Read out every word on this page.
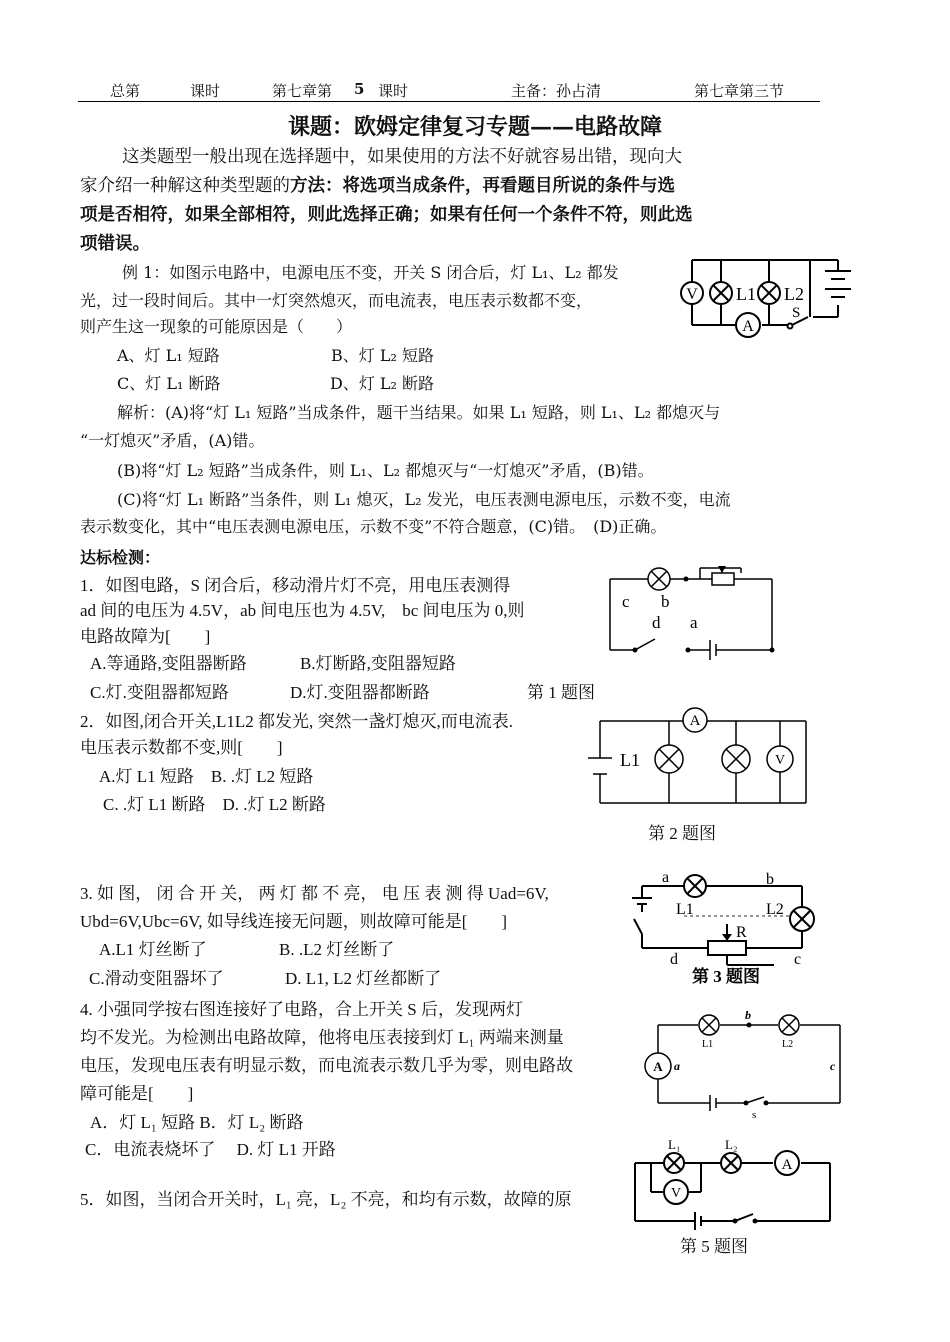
总第	课时	第七章第 5 课时	主备：孙占清	第七章第三节
课题：欧姆定律复习专题——电路故障
这类题型一般出现在选择题中，如果使用的方法不好就容易出错，现向大
家介绍一种解这种类型题的方法：将选项当成条件，再看题目所说的条件与选
项是否相符，如果全部相符，则此选择正确；如果有任何一个条件不符，则此选
项错误。
例 1：如图示电路中，电源电压不变，开关 S 闭合后，灯 L₁、L₂ 都发
光，过一段时间后。其中一灯突然熄灭，而电流表，电压表示数都不变，
则产生这一现象的可能原因是（　　）
A、灯 L₁ 短路	B、灯 L₂ 短路
C、灯 L₁ 断路	D、灯 L₂ 断路
解析：(A)将“灯 L₁ 短路”当成条件，题干当结果。如果 L₁ 短路，则 L₁、L₂ 都熄灭与
“一灯熄灭”矛盾，(A)错。
(B)将“灯 L₂ 短路”当成条件，则 L₁、L₂ 都熄灭与“一灯熄灭”矛盾，(B)错。
(C)将“灯 L₁ 断路”当条件，则 L₁ 熄灭，L₂ 发光，电压表测电源电压，示数不变，电流
表示数变化，其中“电压表测电源电压，示数不变”不符合题意，(C)错。　(D)正确。
V L1 L2
A
S
达标检测：
1．如图电路，S 闭合后，移动滑片灯不亮，用电压表测得
ad 间的电压为 4.5V，ab 间电压也为 4.5V,　bc 间电压为 0,则
电路故障为[　　]
A.等通路,变阻器断路	B.灯断路,变阻器短路
C.灯.变阻器都短路	D.灯.变阻器都断路	第 1 题图
c b
d a
2．如图,闭合开关,L1L2 都发光, 突然一盏灯熄灭,而电流表.
电压表示数都不变,则[　　]
A.灯 L1 短路　B. .灯 L2 短路
C. .灯 L1 断路　D. .灯 L2 断路
第 2 题图
A
L1	V
3. 如 图， 闭 合 开 关， 两 灯 都 不 亮， 电 压 表 测 得 Uad=6V,
Ubd=6V,Ubc=6V, 如导线连接无问题，则故障可能是[　　]
A.L1 灯丝断了	B. .L2 灯丝断了
C.滑动变阻器坏了	D. L1, L2 灯丝都断了
a	b
L1	L2
R
d	c
第 3 题图
4. 小强同学按右图连接好了电路，合上开关 S 后，发现两灯
均不发光。为检测出电路故障，他将电压表接到灯 L₁ 两端来测量
电压，发现电压表有明显示数，而电流表示数几乎为零，则电路故
障可能是[　　]
A．灯 L₁ 短路 B．灯 L₂ 断路
C．电流表烧坏了　 D. 灯 L1 开路
b
L1	L2
A a	c
s
5．如图，当闭合开关时，L₁ 亮，L₂ 不亮，和均有示数，故障的原
第 5 题图
L₁	L₂
A
V
